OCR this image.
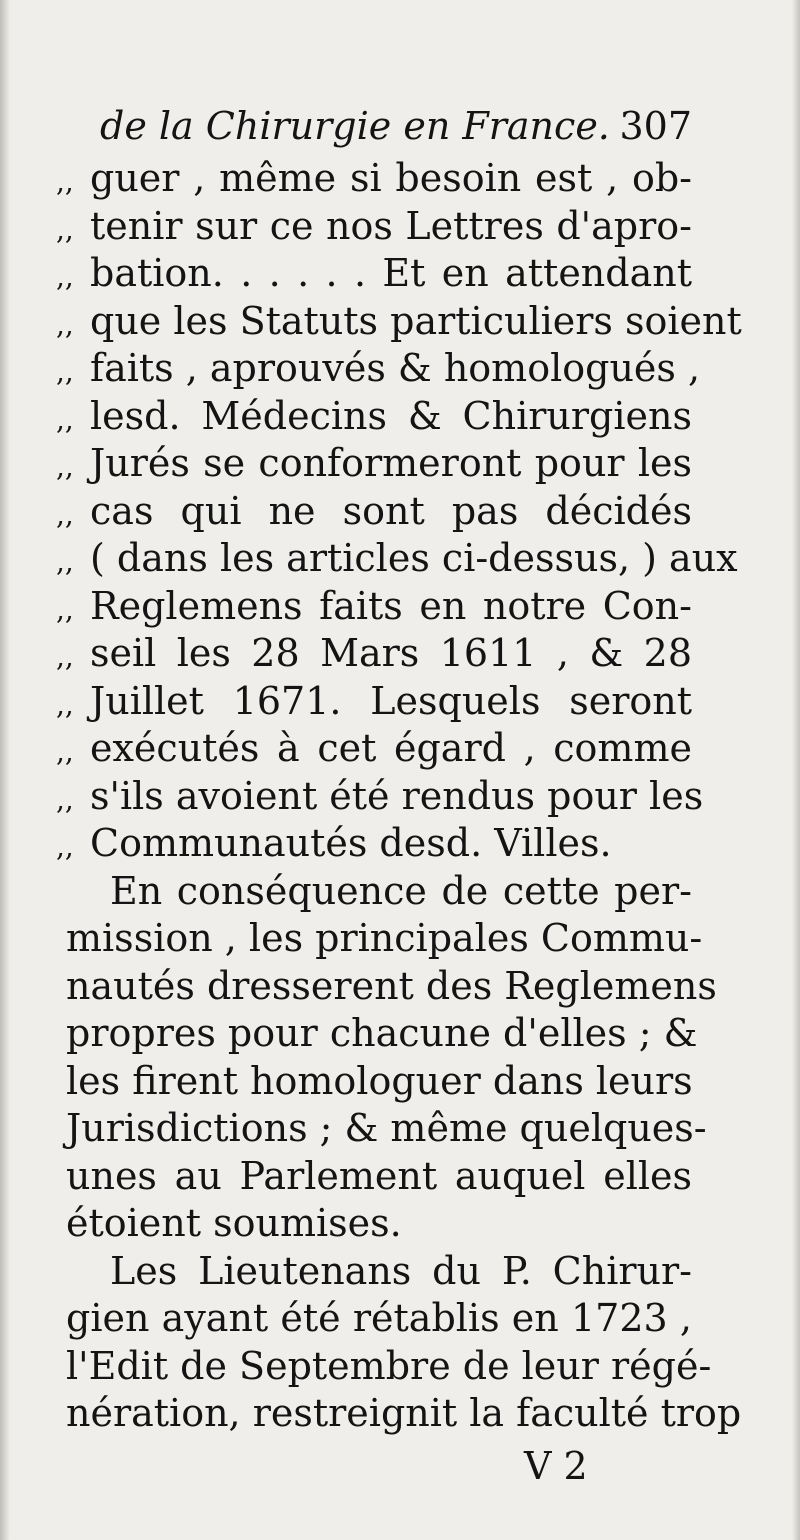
de la Chirurgie en France. 307
,, guer , même si besoin est , ob-
,, tenir sur ce nos Lettres d'apro-
,, bation. . . . . . Et en attendant
,, que les Statuts particuliers soient
,, faits , aprouvés & homologués ,
,, lesd. Médecins & Chirurgiens
,, Jurés se conformeront pour les
,, cas qui ne sont pas décidés
,, ( dans les articles ci-dessus, ) aux
,, Reglemens faits en notre Con-
,, seil les 28 Mars 1611 , & 28
,, Juillet 1671. Lesquels seront
,, exécutés à cet égard , comme
,, s'ils avoient été rendus pour les
,, Communautés desd. Villes.
En conséquence de cette per-
mission , les principales Commu-
nautés dresserent des Reglemens
propres pour chacune d'elles ; &
les firent homologuer dans leurs
Jurisdictions ; & même quelques-
unes au Parlement auquel elles
étoient soumises.
Les Lieutenans du P. Chirur-
gien ayant été rétablis en 1723 ,
l'Edit de Septembre de leur régé-
nération, restreignit la faculté trop
V 2
